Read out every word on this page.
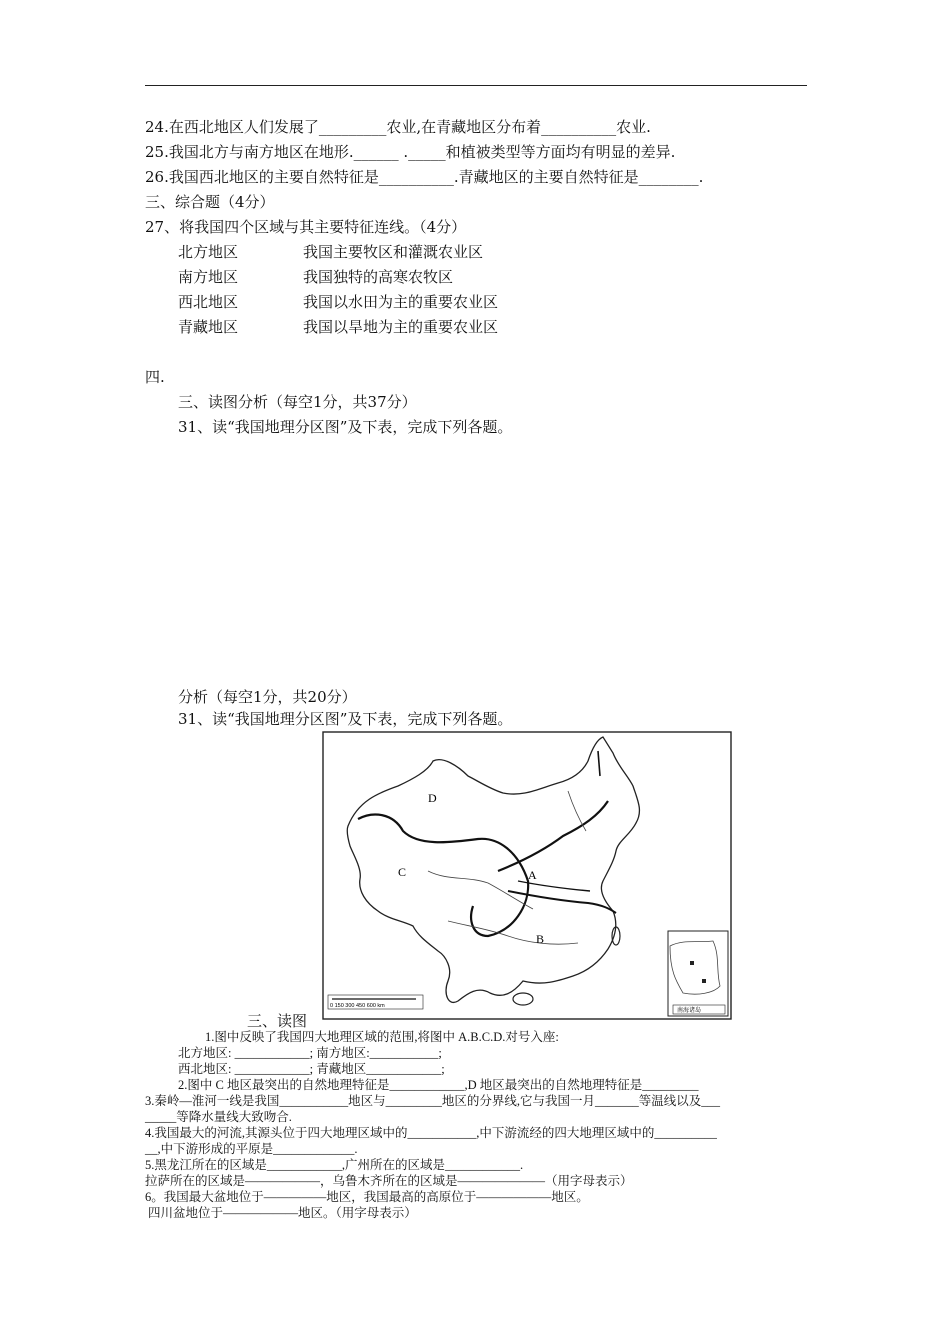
24.在西北地区人们发展了_________农业,在青藏地区分布着__________农业.
25.我国北方与南方地区在地形.______ ._____和植被类型等方面均有明显的差异.
26.我国西北地区的主要自然特征是__________.青藏地区的主要自然特征是________.
三、综合题（4分）
27、将我国四个区域与其主要特征连线。（4分）
北方地区
南方地区
西北地区
青藏地区
我国主要牧区和灌溉农业区
我国独特的高寒农牧区
我国以水田为主的重要农业区
我国以旱地为主的重要农业区
四.
三、读图分析（每空1分，共37分）
31、读“我国地理分区图”及下表，完成下列各题。
分析（每空1分，共20分）
31、读“我国地理分区图”及下表，完成下列各题。
D
C	A
B
0 150 300 450 600 km
南海诸岛
三、读图
1.图中反映了我国四大地理区域的范围,将图中 A.B.C.D.对号入座:
北方地区: ____________; 南方地区:___________;
西北地区: ____________; 青藏地区____________;
2.图中 C 地区最突出的自然地理特征是____________,D 地区最突出的自然地理特征是_________
3.秦岭—淮河一线是我国___________地区与_________地区的分界线,它与我国一月_______等温线以及___
_____等降水量线大致吻合.
4.我国最大的河流,其源头位于四大地理区域中的___________,中下游流经的四大地理区域中的__________
__,中下游形成的平原是_____________.
5.黑龙江所在的区域是____________,广州所在的区域是____________.
拉萨所在的区域是——————，乌鲁木齐所在的区域是———————（用字母表示）
6。我国最大盆地位于—————地区，我国最高的高原位于——————地区。
四川盆地位于——————地区。（用字母表示）
